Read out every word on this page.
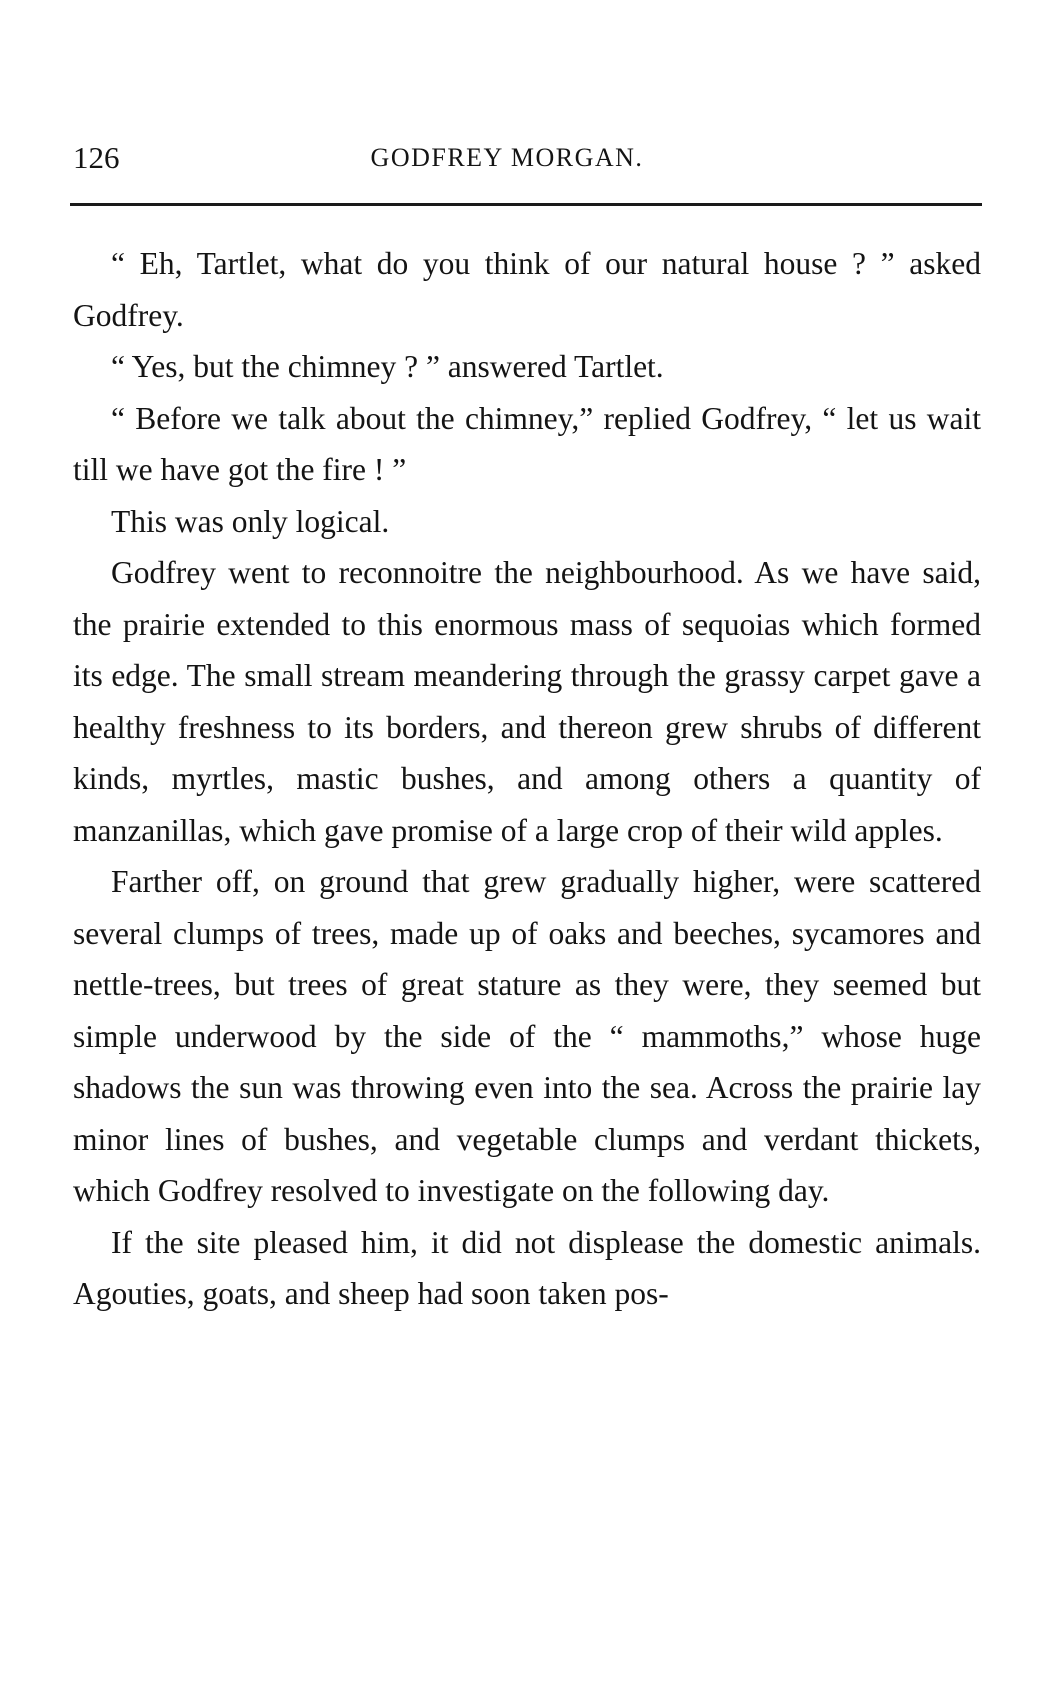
126	GODFREY MORGAN.

“ Eh, Tartlet, what do you think of our natural house ? ” asked Godfrey.

“ Yes, but the chimney ? ” answered Tartlet.

“ Before we talk about the chimney,” replied Godfrey, “ let us wait till we have got the fire ! ”

This was only logical.

Godfrey went to reconnoitre the neighbourhood. As we have said, the prairie extended to this enormous mass of sequoias which formed its edge. The small stream meandering through the grassy carpet gave a healthy freshness to its borders, and thereon grew shrubs of different kinds, myrtles, mastic bushes, and among others a quantity of manzanillas, which gave promise of a large crop of their wild apples.

Farther off, on ground that grew gradually higher, were scattered several clumps of trees, made up of oaks and beeches, sycamores and nettle-trees, but trees of great stature as they were, they seemed but simple underwood by the side of the “ mammoths,” whose huge shadows the sun was throwing even into the sea. Across the prairie lay minor lines of bushes, and vegetable clumps and verdant thickets, which Godfrey resolved to investigate on the following day.

If the site pleased him, it did not displease the domestic animals. Agouties, goats, and sheep had soon taken pos-
